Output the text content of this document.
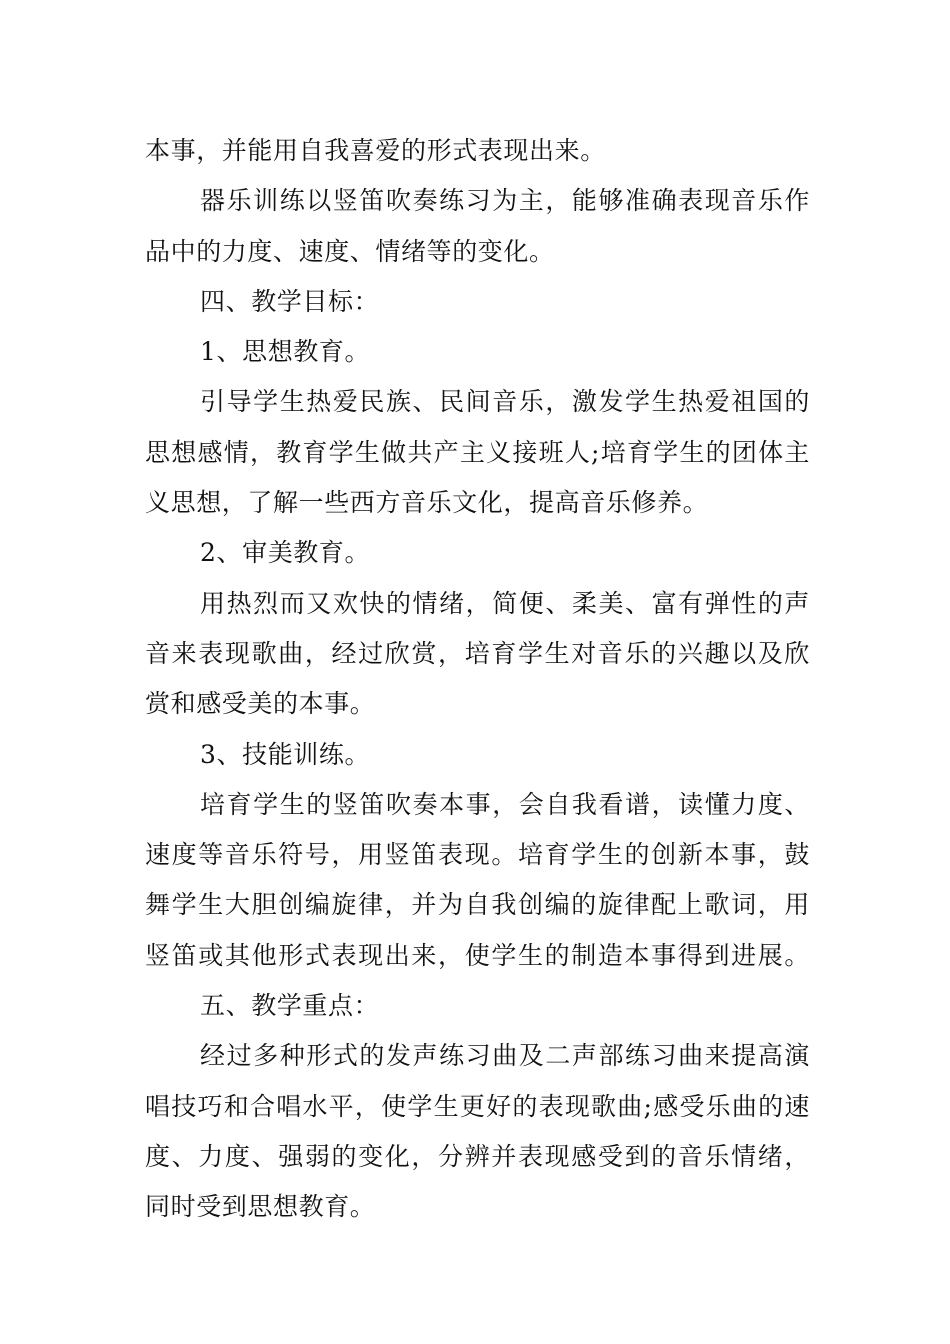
本事，并能用自我喜爱的形式表现出来。
器乐训练以竖笛吹奏练习为主，能够准确表现音乐作
品中的力度、速度、情绪等的变化。
四、教学目标：
1、思想教育。
引导学生热爱民族、民间音乐，激发学生热爱祖国的
思想感情，教育学生做共产主义接班人;培育学生的团体主
义思想，了解一些西方音乐文化，提高音乐修养。
2、审美教育。
用热烈而又欢快的情绪，简便、柔美、富有弹性的声
音来表现歌曲，经过欣赏，培育学生对音乐的兴趣以及欣
赏和感受美的本事。
3、技能训练。
培育学生的竖笛吹奏本事，会自我看谱，读懂力度、
速度等音乐符号，用竖笛表现。培育学生的创新本事，鼓
舞学生大胆创编旋律，并为自我创编的旋律配上歌词，用
竖笛或其他形式表现出来，使学生的制造本事得到进展。
五、教学重点：
经过多种形式的发声练习曲及二声部练习曲来提高演
唱技巧和合唱水平，使学生更好的表现歌曲;感受乐曲的速
度、力度、强弱的变化，分辨并表现感受到的音乐情绪，
同时受到思想教育。
